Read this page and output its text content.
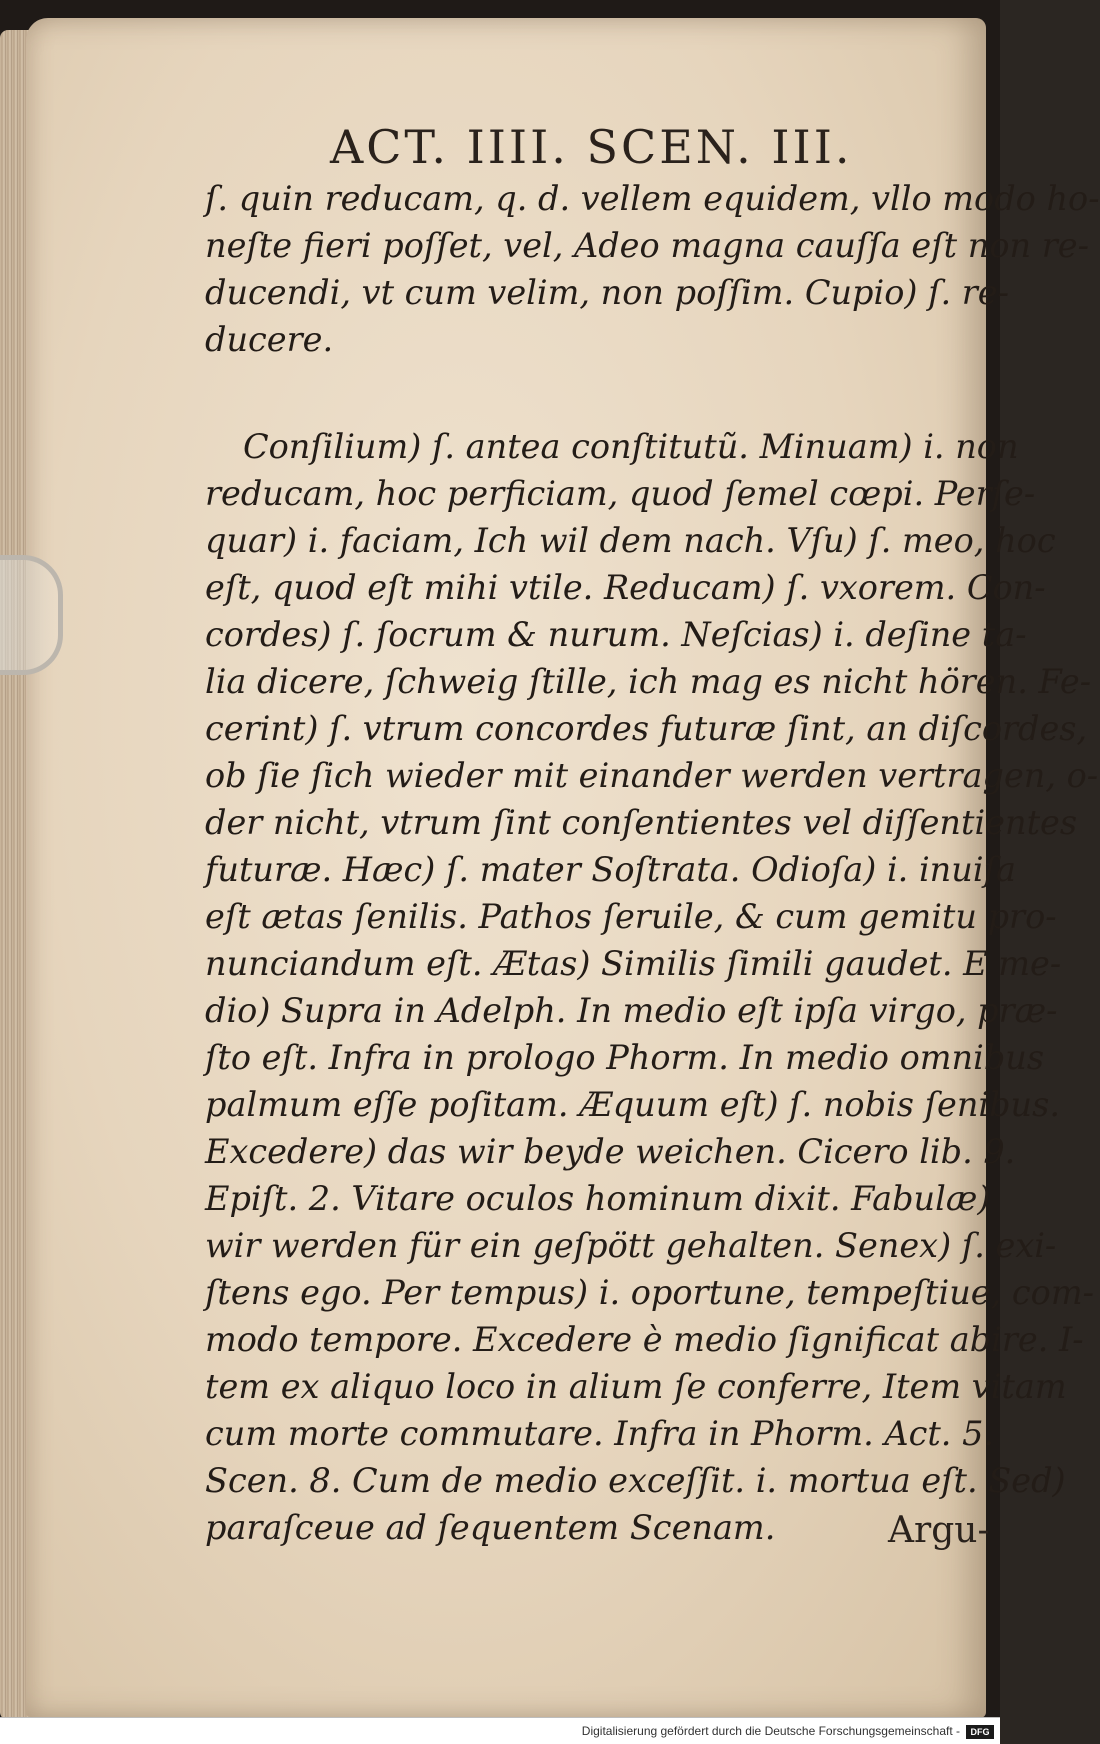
ACT. IIII. SCEN. III.
ſ. quin reducam, q. d. vellem equidem, vllo modo ho-
neſte fieri poſſet, vel, Adeo magna cauſſa eſt non re-
ducendi, vt cum velim, non poſſim. Cupio) ſ. re-
ducere.
Conſilium) ſ. antea conſtitutũ. Minuam) i. non
reducam, hoc perficiam, quod ſemel cœpi. Perſe-
quar) i. faciam, Ich wil dem nach. Vſu) ſ. meo, hoc
eſt, quod eſt mihi vtile. Reducam) ſ. vxorem. Con-
cordes) ſ. ſocrum & nurum. Neſcias) i. deſine ta-
lia dicere, ſchweig ſtille, ich mag es nicht hören. Fe-
cerint) ſ. vtrum concordes futuræ ſint, an diſcordes,
ob ſie ſich wieder mit einander werden vertragen, o-
der nicht, vtrum ſint conſentientes vel diſſentientes
futuræ. Hæc) ſ. mater Soſtrata. Odioſa) i. inuiſa
eſt ætas ſenilis. Pathos ſeruile, & cum gemitu pro-
nunciandum eſt. Ætas) Similis ſimili gaudet. E me-
dio) Supra in Adelph. In medio eſt ipſa virgo, præ-
ſto eſt. Infra in prologo Phorm. In medio omnibus
palmum eſſe poſitam. Æquum eſt) ſ. nobis ſenibus.
Excedere) das wir beyde weichen. Cicero lib. 9.
Epiſt. 2. Vitare oculos hominum dixit. Fabulæ)
wir werden für ein geſpött gehalten. Senex) ſ. exi-
ſtens ego. Per tempus) i. oportune, tempeſtiue, com-
modo tempore. Excedere è medio ſignificat abire. I-
tem ex aliquo loco in alium ſe conferre, Item vitam
cum morte commutare. Infra in Phorm. Act. 5.
Scen. 8. Cum de medio exceſſit. i. mortua eſt. Sed)
paraſceue ad ſequentem Scenam.	Argu-
Digitalisierung gefördert durch die Deutsche Forschungsgemeinschaft -	DFG
